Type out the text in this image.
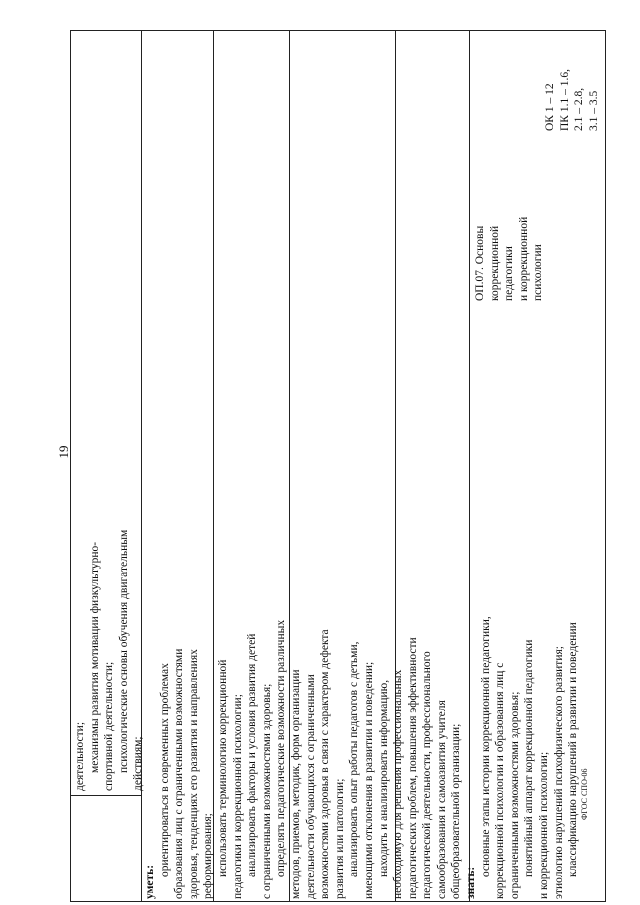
19
ФГОС СПО-06
деятельности; механизмы развития мотивации физкультурно- спортивной деятельности; психологические основы обучения двигательным действиям;
уметь:
ориентироваться в современных проблемах образования лиц с ограниченными возможностями здоровья, тенденциях его развития и направлениях реформирования; использовать терминологию коррекционной педагогики и коррекционной психологии; анализировать факторы и условия развития детей с ограниченными возможностями здоровья; определять педагогические возможности различных методов, приемов, методик, форм организации деятельности обучающихся с ограниченными возможностями здоровья в связи с характером дефекта развития или патологии; анализировать опыт работы педагогов с детьми, имеющими отклонения в развитии и поведении; находить и анализировать информацию, необходимую для решения профессиональных педагогических проблем, повышения эффективности педагогической деятельности, профессионального самообразования и самоазвития учителя общеобразовательной организации; знать:
основные этапы истории коррекционной педагогики, коррекционной психологии и образования лиц с ограниченными возможностями здоровья; понятийный аппарат коррекционной педагогики и коррекционной психологии; этиологию нарушений психофизического развития; классификацию нарушений в развитии и поведении
ОП.07. Основы коррекционной педагогики и коррекционной психологии
ОК 1 – 12 ПК 1.1 – 1.6, 2.1 – 2.8, 3.1 – 3.5
